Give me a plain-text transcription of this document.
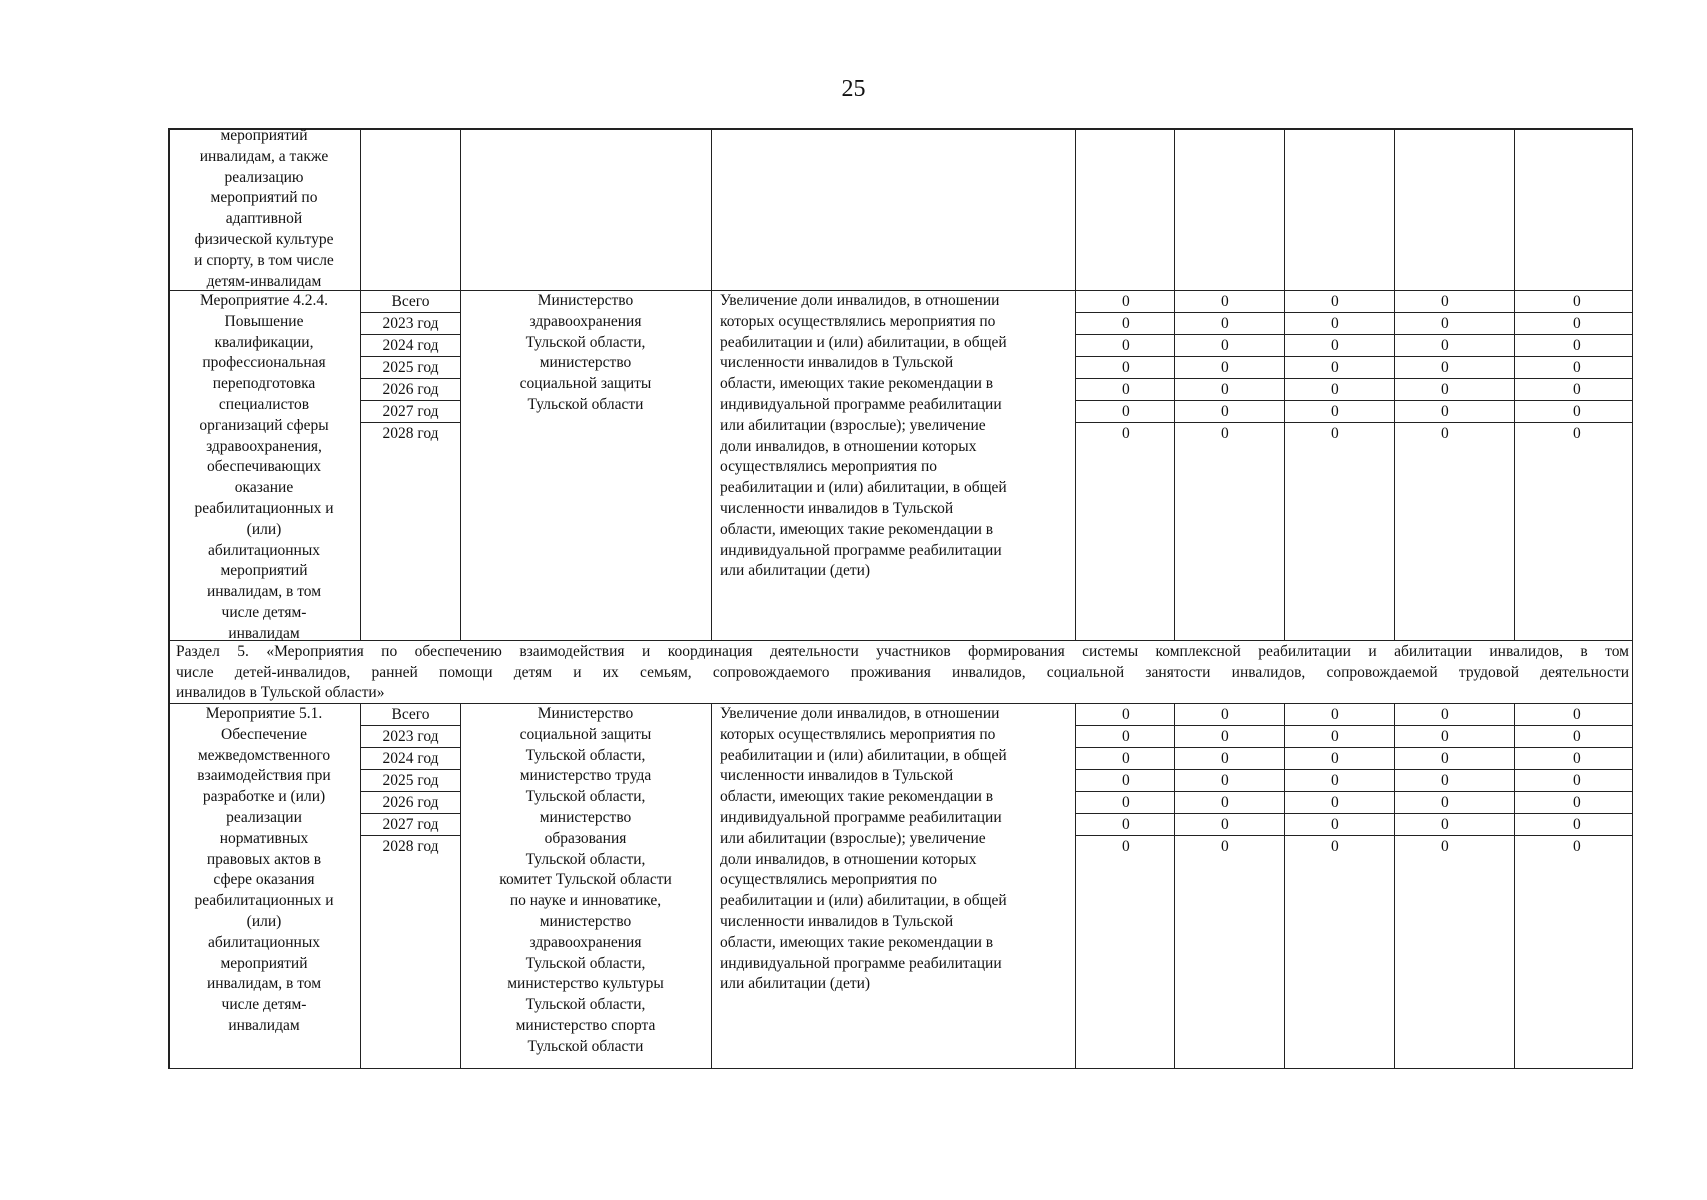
25
мероприятий
инвалидам, а также
реализацию
мероприятий по
адаптивной
физической культуре
и спорту, в том числе
детям-инвалидам
Мероприятие 4.2.4.
Повышение
квалификации,
профессиональная
переподготовка
специалистов
организаций сферы
здравоохранения,
обеспечивающих
оказание
реабилитационных и
(или)
абилитационных
мероприятий
инвалидам, в том
числе детям-
инвалидам
Всего
2023 год
2024 год
2025 год
2026 год
2027 год
2028 год
Министерство
здравоохранения
Тульской области,
министерство
социальной защиты
Тульской области
Увеличение доли инвалидов, в отношении
которых осуществлялись мероприятия по
реабилитации и (или) абилитации, в общей
численности инвалидов в Тульской
области, имеющих такие рекомендации в
индивидуальной программе реабилитации
или абилитации (взрослые); увеличение
доли инвалидов, в отношении которых
осуществлялись мероприятия по
реабилитации и (или) абилитации, в общей
численности инвалидов в Тульской
области, имеющих такие рекомендации в
индивидуальной программе реабилитации
или абилитации (дети)
0
0
0
0
0
0
0
0
0
0
0
0
0
0
0
0
0
0
0
0
0
0
0
0
0
0
0
0
0
0
0
0
0
0
0
Мероприятие 5.1.
Обеспечение
межведомственного
взаимодействия при
разработке и (или)
реализации
нормативных
правовых актов в
сфере оказания
реабилитационных и
(или)
абилитационных
мероприятий
инвалидам, в том
числе детям-
инвалидам
Всего
2023 год
2024 год
2025 год
2026 год
2027 год
2028 год
Министерство
социальной защиты
Тульской области,
министерство труда
Тульской области,
министерство
образования
Тульской области,
комитет Тульской области
по науке и инноватике,
министерство
здравоохранения
Тульской области,
министерство культуры
Тульской области,
министерство спорта
Тульской области
Увеличение доли инвалидов, в отношении
которых осуществлялись мероприятия по
реабилитации и (или) абилитации, в общей
численности инвалидов в Тульской
области, имеющих такие рекомендации в
индивидуальной программе реабилитации
или абилитации (взрослые); увеличение
доли инвалидов, в отношении которых
осуществлялись мероприятия по
реабилитации и (или) абилитации, в общей
численности инвалидов в Тульской
области, имеющих такие рекомендации в
индивидуальной программе реабилитации
или абилитации (дети)
0
0
0
0
0
0
0
0
0
0
0
0
0
0
0
0
0
0
0
0
0
0
0
0
0
0
0
0
0
0
0
0
0
0
0
Раздел 5. «Мероприятия по обеспечению взаимодействия и координация деятельности участников формирования системы комплексной реабилитации и абилитации инвалидов, в том
числе детей-инвалидов, ранней помощи детям и их семьям, сопровождаемого проживания инвалидов, социальной занятости инвалидов, сопровождаемой трудовой деятельности
инвалидов в Тульской области»
